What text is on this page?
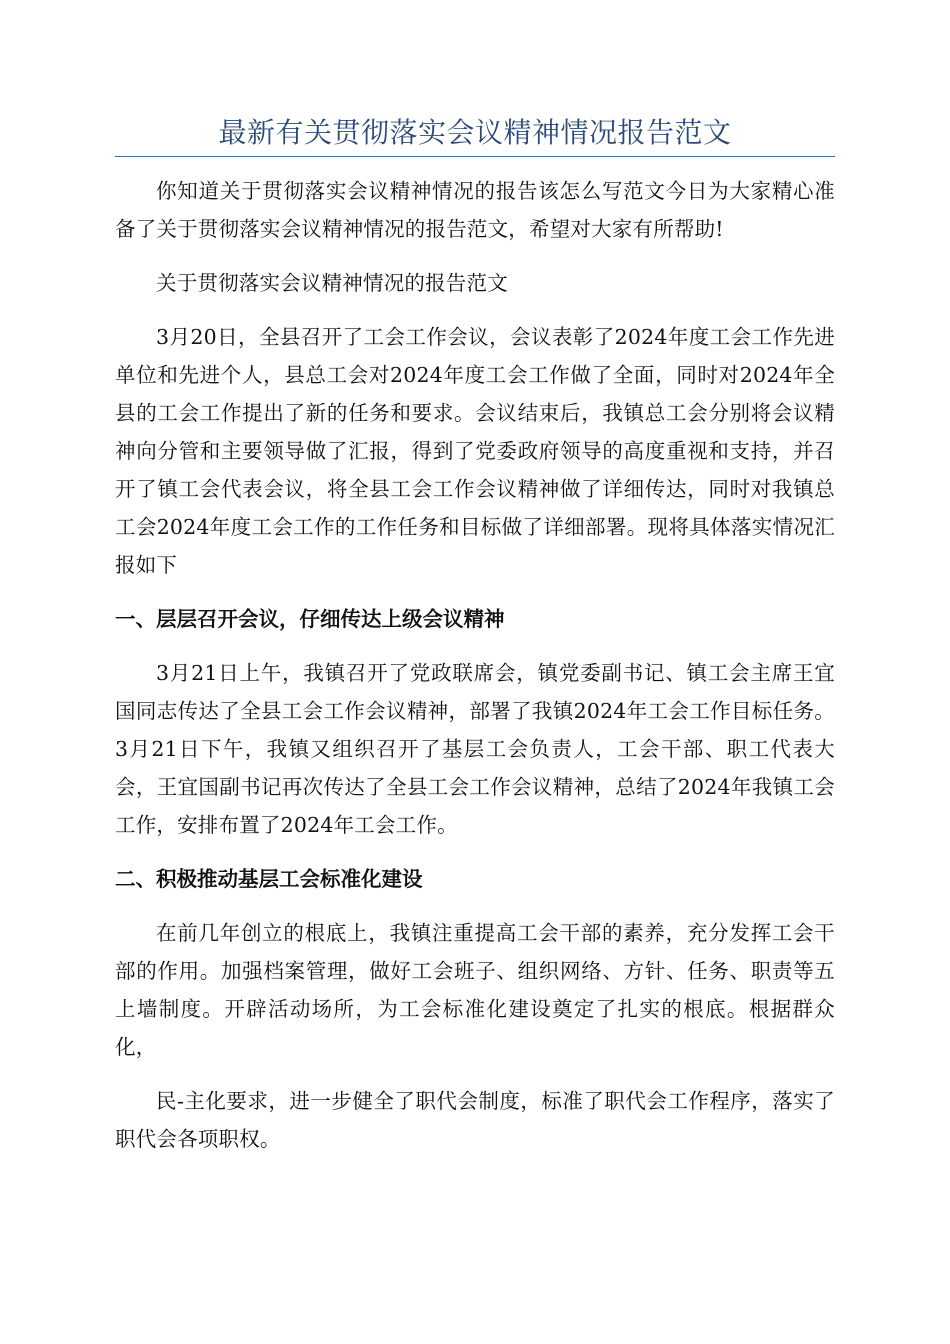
最新有关贯彻落实会议精神情况报告范文

你知道关于贯彻落实会议精神情况的报告该怎么写范文今日为大家精心准备了关于贯彻落实会议精神情况的报告范文，希望对大家有所帮助!

关于贯彻落实会议精神情况的报告范文

3月20日，全县召开了工会工作会议，会议表彰了2024年度工会工作先进单位和先进个人，县总工会对2024年度工会工作做了全面，同时对2024年全县的工会工作提出了新的任务和要求。会议结束后，我镇总工会分别将会议精神向分管和主要领导做了汇报，得到了党委政府领导的高度重视和支持，并召开了镇工会代表会议，将全县工会工作会议精神做了详细传达，同时对我镇总工会2024年度工会工作的工作任务和目标做了详细部署。现将具体落实情况汇报如下

一、层层召开会议，仔细传达上级会议精神

3月21日上午，我镇召开了党政联席会，镇党委副书记、镇工会主席王宜国同志传达了全县工会工作会议精神，部署了我镇2024年工会工作目标任务。3月21日下午，我镇又组织召开了基层工会负责人，工会干部、职工代表大会，王宜国副书记再次传达了全县工会工作会议精神，总结了2024年我镇工会工作，安排布置了2024年工会工作。

二、积极推动基层工会标准化建设

在前几年创立的根底上，我镇注重提高工会干部的素养，充分发挥工会干部的作用。加强档案管理，做好工会班子、组织网络、方针、任务、职责等五上墙制度。开辟活动场所，为工会标准化建设奠定了扎实的根底。根据群众化，

民-主化要求，进一步健全了职代会制度，标准了职代会工作程序，落实了职代会各项职权。
